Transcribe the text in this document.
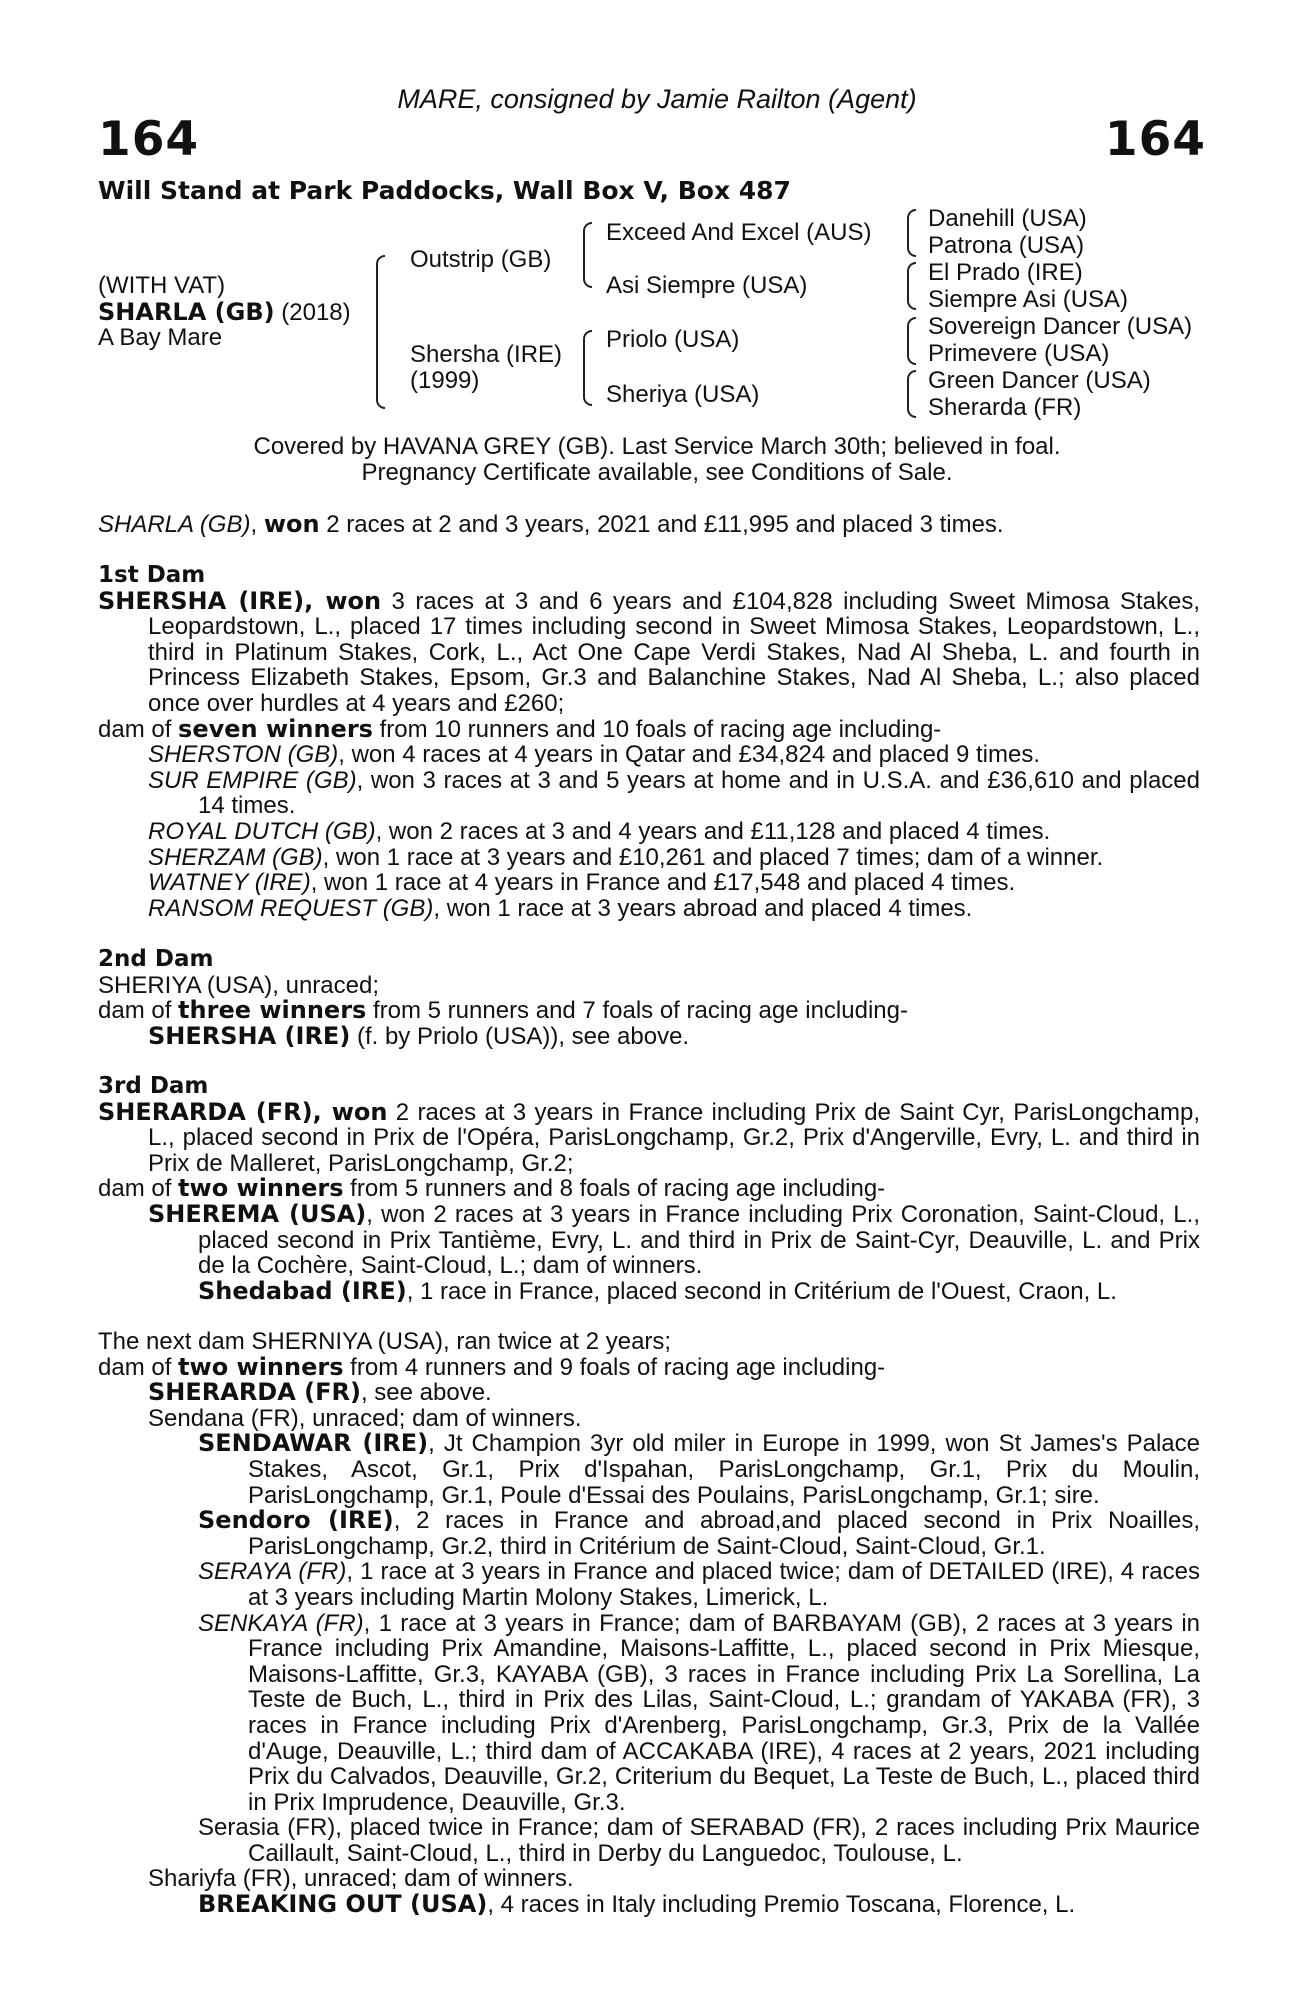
MARE, consigned by Jamie Railton (Agent)
164	164
Will Stand at Park Paddocks, Wall Box V, Box 487
(WITH VAT)
SHARLA (GB) (2018)
A Bay Mare
Outstrip (GB)
Shersha (IRE)
(1999)
Exceed And Excel (AUS)
Asi Siempre (USA)
Priolo (USA)
Sheriya (USA)
Danehill (USA)
Patrona (USA)
El Prado (IRE)
Siempre Asi (USA)
Sovereign Dancer (USA)
Primevere (USA)
Green Dancer (USA)
Sherarda (FR)
Covered by HAVANA GREY (GB). Last Service March 30th; believed in foal.
Pregnancy Certificate available, see Conditions of Sale.
SHARLA (GB), won 2 races at 2 and 3 years, 2021 and £11,995 and placed 3 times.
1st Dam
SHERSHA (IRE), won 3 races at 3 and 6 years and £104,828 including Sweet Mimosa Stakes, Leopardstown, L., placed 17 times including second in Sweet Mimosa Stakes, Leopardstown, L., third in Platinum Stakes, Cork, L., Act One Cape Verdi Stakes, Nad Al Sheba, L. and fourth in Princess Elizabeth Stakes, Epsom, Gr.3 and Balanchine Stakes, Nad Al Sheba, L.; also placed once over hurdles at 4 years and £260;
dam of seven winners from 10 runners and 10 foals of racing age including-
SHERSTON (GB), won 4 races at 4 years in Qatar and £34,824 and placed 9 times.
SUR EMPIRE (GB), won 3 races at 3 and 5 years at home and in U.S.A. and £36,610 and placed 14 times.
ROYAL DUTCH (GB), won 2 races at 3 and 4 years and £11,128 and placed 4 times.
SHERZAM (GB), won 1 race at 3 years and £10,261 and placed 7 times; dam of a winner.
WATNEY (IRE), won 1 race at 4 years in France and £17,548 and placed 4 times.
RANSOM REQUEST (GB), won 1 race at 3 years abroad and placed 4 times.
2nd Dam
SHERIYA (USA), unraced;
dam of three winners from 5 runners and 7 foals of racing age including-
SHERSHA (IRE) (f. by Priolo (USA)), see above.
3rd Dam
SHERARDA (FR), won 2 races at 3 years in France including Prix de Saint Cyr, ParisLongchamp, L., placed second in Prix de l'Opéra, ParisLongchamp, Gr.2, Prix d'Angerville, Evry, L. and third in Prix de Malleret, ParisLongchamp, Gr.2;
dam of two winners from 5 runners and 8 foals of racing age including-
SHEREMA (USA), won 2 races at 3 years in France including Prix Coronation, Saint-Cloud, L., placed second in Prix Tantième, Evry, L. and third in Prix de Saint-Cyr, Deauville, L. and Prix de la Cochère, Saint-Cloud, L.; dam of winners.
Shedabad (IRE), 1 race in France, placed second in Critérium de l'Ouest, Craon, L.
The next dam SHERNIYA (USA), ran twice at 2 years;
dam of two winners from 4 runners and 9 foals of racing age including-
SHERARDA (FR), see above.
Sendana (FR), unraced; dam of winners.
SENDAWAR (IRE), Jt Champion 3yr old miler in Europe in 1999, won St James's Palace Stakes, Ascot, Gr.1, Prix d'Ispahan, ParisLongchamp, Gr.1, Prix du Moulin, ParisLongchamp, Gr.1, Poule d'Essai des Poulains, ParisLongchamp, Gr.1; sire.
Sendoro (IRE), 2 races in France and abroad,and placed second in Prix Noailles, ParisLongchamp, Gr.2, third in Critérium de Saint-Cloud, Saint-Cloud, Gr.1.
SERAYA (FR), 1 race at 3 years in France and placed twice; dam of DETAILED (IRE), 4 races at 3 years including Martin Molony Stakes, Limerick, L.
SENKAYA (FR), 1 race at 3 years in France; dam of BARBAYAM (GB), 2 races at 3 years in France including Prix Amandine, Maisons-Laffitte, L., placed second in Prix Miesque, Maisons-Laffitte, Gr.3, KAYABA (GB), 3 races in France including Prix La Sorellina, La Teste de Buch, L., third in Prix des Lilas, Saint-Cloud, L.; grandam of YAKABA (FR), 3 races in France including Prix d'Arenberg, ParisLongchamp, Gr.3, Prix de la Vallée d'Auge, Deauville, L.; third dam of ACCAKABA (IRE), 4 races at 2 years, 2021 including Prix du Calvados, Deauville, Gr.2, Criterium du Bequet, La Teste de Buch, L., placed third in Prix Imprudence, Deauville, Gr.3.
Serasia (FR), placed twice in France; dam of SERABAD (FR), 2 races including Prix Maurice Caillault, Saint-Cloud, L., third in Derby du Languedoc, Toulouse, L.
Shariyfa (FR), unraced; dam of winners.
BREAKING OUT (USA), 4 races in Italy including Premio Toscana, Florence, L.
